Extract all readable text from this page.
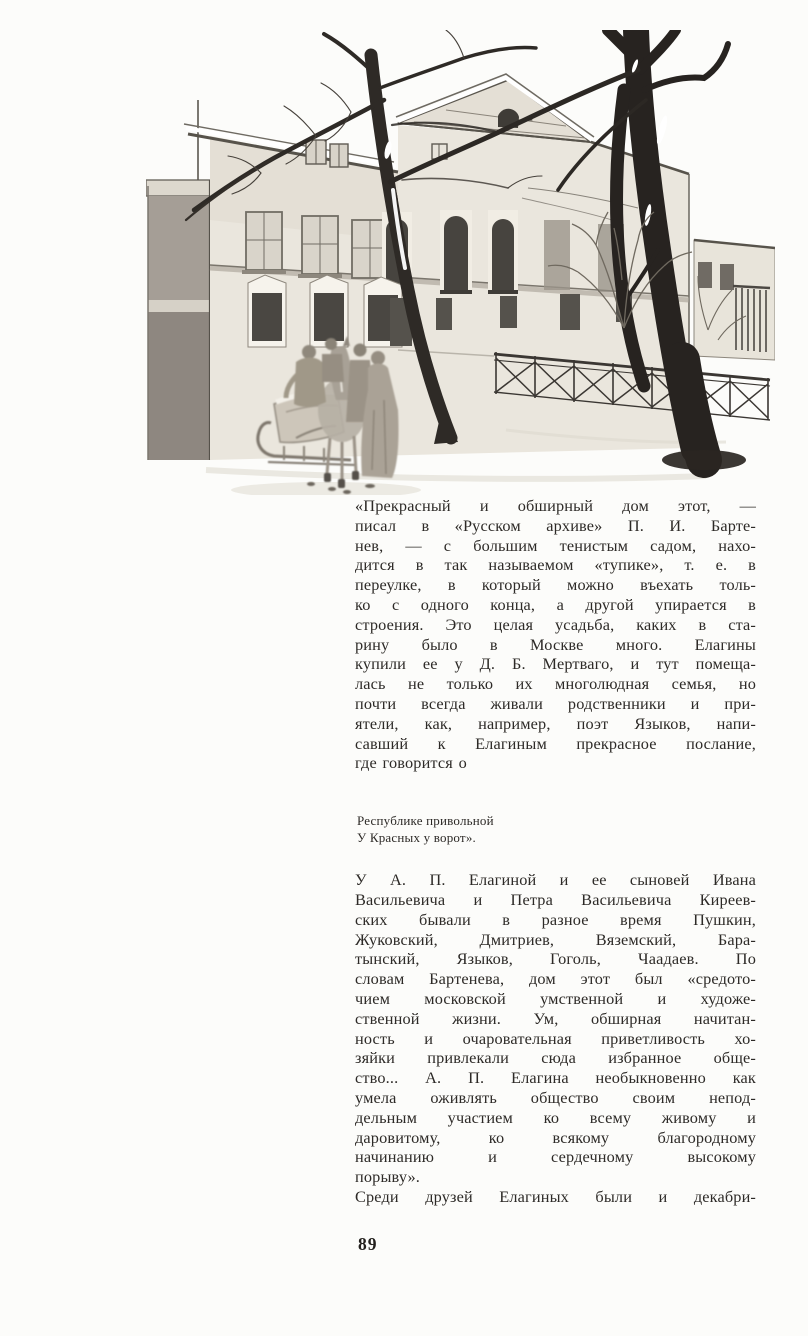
«Прекрасный и обширный дом этот, —
писал в «Русском архиве» П. И. Барте-
нев, — с большим тенистым садом, нахо-
дится в так называемом «тупике», т. е. в
переулке, в который можно въехать толь-
ко с одного конца, а другой упирается в
строения. Это целая усадьба, каких в ста-
рину было в Москве много. Елагины
купили ее у Д. Б. Мертваго, и тут помеща-
лась не только их многолюдная семья, но
почти всегда живали родственники и при-
ятели, как, например, поэт Языков, напи-
савший к Елагиным прекрасное послание,
где говорится о
Республике привольной
У Красных у ворот».
У А. П. Елагиной и ее сыновей Ивана
Васильевича и Петра Васильевича Киреев-
ских бывали в разное время Пушкин,
Жуковский, Дмитриев, Вяземский, Бара-
тынский, Языков, Гоголь, Чаадаев. По
словам Бартенева, дом этот был «средото-
чием московской умственной и художе-
ственной жизни. Ум, обширная начитан-
ность и очаровательная приветливость хо-
зяйки привлекали сюда избранное обще-
ство... А. П. Елагина необыкновенно как
умела оживлять общество своим непод-
дельным участием ко всему живому и
даровитому, ко всякому благородному
начинанию и сердечному высокому
порыву».
Среди друзей Елагиных были и декабри-
89
